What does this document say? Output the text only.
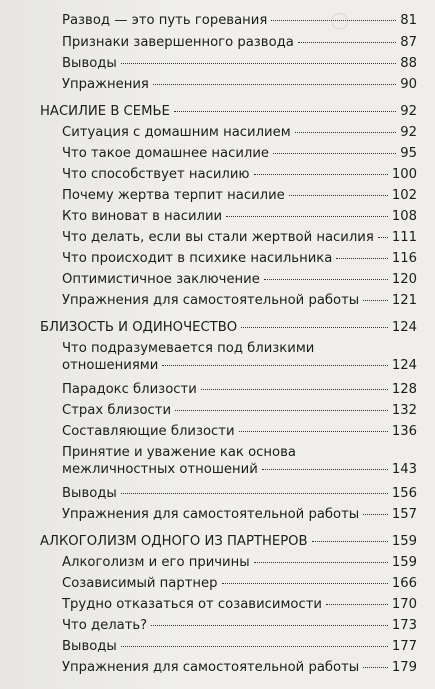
○
Развод — это путь горевания	81
Признаки завершенного развода	87
Выводы	88
Упражнения	90
НАСИЛИЕ В СЕМЬЕ	92
Ситуация с домашним насилием	92
Что такое домашнее насилие	95
Что способствует насилию	100
Почему жертва терпит насилие	102
Кто виноват в насилии	108
Что делать, если вы стали жертвой насилия 111
Что происходит в психике насильника	116
Оптимистичное заключение	120
Упражнения для самостоятельной работы 121
БЛИЗОСТЬ И ОДИНОЧЕСТВО	124
Что подразумевается под близкими
отношениями	124
Парадокс близости	128
Страх близости	132
Составляющие близости	136
Принятие и уважение как основа
межличностных отношений	143
Выводы	156
Упражнения для самостоятельной работы 157
АЛКОГОЛИЗМ ОДНОГО ИЗ ПАРТНЕРОВ	159
Алкоголизм и его причины	159
Созависимый партнер	166
Трудно отказаться от созависимости	170
Что делать?	173
Выводы	177
Упражнения для самостоятельной работы 179
